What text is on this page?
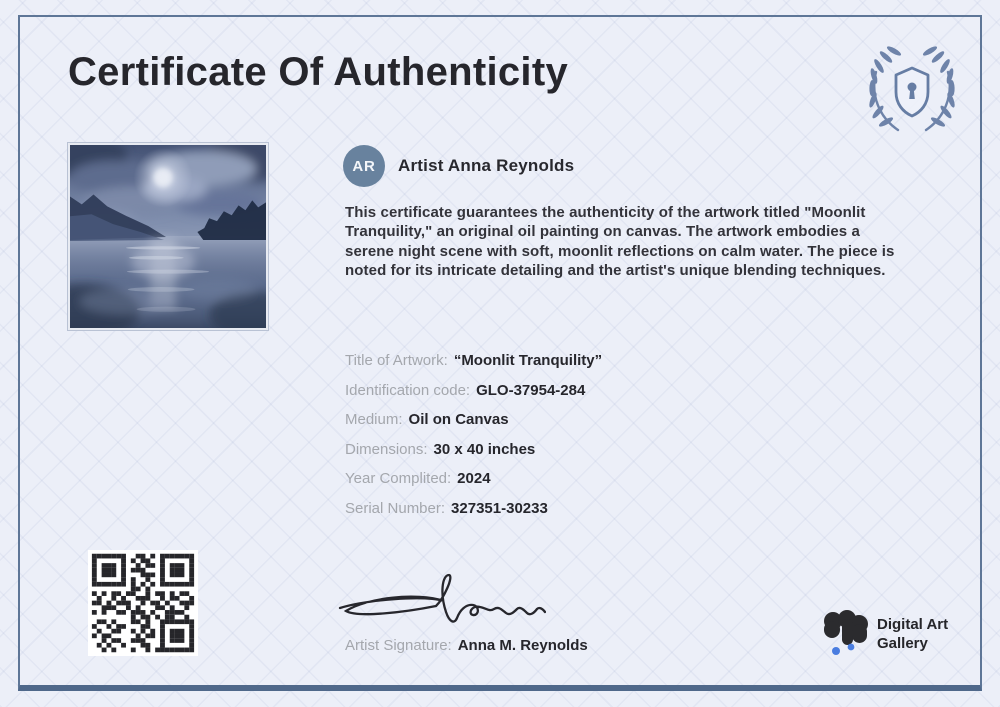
Certificate Of Authenticity
AR Artist Anna Reynolds

This certificate guarantees the authenticity of the artwork titled "Moonlit Tranquility," an original oil painting on canvas. The artwork embodies a serene night scene with soft, moonlit reflections on calm water. The piece is noted for its intricate detailing and the artist's unique blending techniques.

Title of Artwork: “Moonlit Tranquility”
Identification code: GLO-37954-284
Medium: Oil on Canvas
Dimensions: 30 x 40 inches
Year Complited: 2024
Serial Number: 327351-30233
Artist Signature: Anna M. Reynolds
Digital Art
Gallery
